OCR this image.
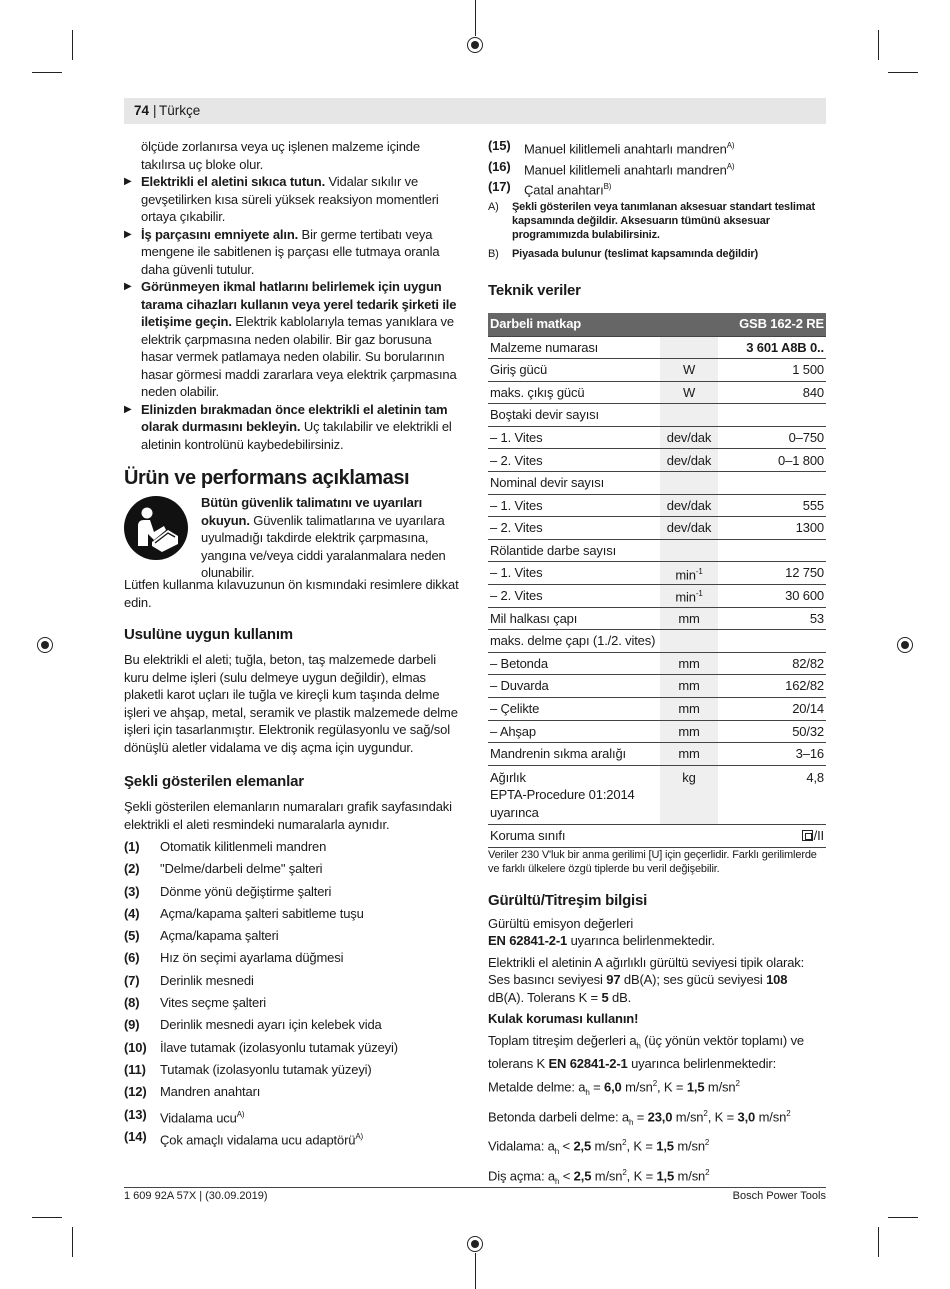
74 | Türkçe

ölçüde zorlanırsa veya uç işlenen malzeme içinde takılırsa uç bloke olur.

▶ Elektrikli el aletini sıkıca tutun. Vidalar sıkılır ve gevşetilirken kısa süreli yüksek reaksiyon momentleri ortaya çıkabilir.

▶ İş parçasını emniyete alın. Bir germe tertibatı veya mengene ile sabitlenen iş parçası elle tutmaya oranla daha güvenli tutulur.

▶ Görünmeyen ikmal hatlarını belirlemek için uygun tarama cihazları kullanın veya yerel tedarik şirketi ile iletişime geçin. Elektrik kablolarıyla temas yanıklara ve elektrik çarpmasına neden olabilir. Bir gaz borusuna hasar vermek patlamaya neden olabilir. Su borularının hasar görmesi maddi zararlara veya elektrik çarpmasına neden olabilir.

▶ Elinizden bırakmadan önce elektrikli el aletinin tam olarak durmasını bekleyin. Uç takılabilir ve elektrikli el aletinin kontrolünü kaybedebilirsiniz.

Ürün ve performans açıklaması

Bütün güvenlik talimatını ve uyarıları okuyun. Güvenlik talimatlarına ve uyarılara uyulmadığı takdirde elektrik çarpmasına, yangına ve/veya ciddi yaralanmalara neden olunabilir.

Lütfen kullanma kılavuzunun ön kısmındaki resimlere dikkat edin.

Usulüne uygun kullanım

Bu elektrikli el aleti; tuğla, beton, taş malzemede darbeli kuru delme işleri (sulu delmeye uygun değildir), elmas plaketli karot uçları ile tuğla ve kireçli kum taşında delme işleri ve ahşap, metal, seramik ve plastik malzemede delme işleri için tasarlanmıştır. Elektronik regülasyonlu ve sağ/sol dönüşlü aletler vidalama ve diş açma için uygundur.

Şekli gösterilen elemanlar

Şekli gösterilen elemanların numaraları grafik sayfasındaki elektrikli el aleti resmindeki numaralarla aynıdır.

(1) Otomatik kilitlenmeli mandren
(2) "Delme/darbeli delme" şalteri
(3) Dönme yönü değiştirme şalteri
(4) Açma/kapama şalteri sabitleme tuşu
(5) Açma/kapama şalteri
(6) Hız ön seçimi ayarlama düğmesi
(7) Derinlik mesnedi
(8) Vites seçme şalteri
(9) Derinlik mesnedi ayarı için kelebek vida
(10) İlave tutamak (izolasyonlu tutamak yüzeyi)
(11) Tutamak (izolasyonlu tutamak yüzeyi)
(12) Mandren anahtarı
(13) Vidalama ucu$^{A)}$
(14) Çok amaçlı vidalama ucu adaptörü$^{A)}$
(15) Manuel kilitlemeli anahtarlı mandren$^{A)}$
(16) Manuel kilitlemeli anahtarlı mandren$^{A)}$
(17) Çatal anahtarı$^{B)}$
A) Şekli gösterilen veya tanımlanan aksesuar standart teslimat kapsamında değildir. Aksesuarın tümünü aksesuar programımızda bulabilirsiniz.
B) Piyasada bulunur (teslimat kapsamında değildir)
Teknik veriler
Darbeli matkap		GSB 162-2 RE
Malzeme numarası		3 601 A8B 0..
Giriş gücü	W	1 500
maks. çıkış gücü	W	840
Boştaki devir sayısı		
– 1. Vites	dev/dak	0–750
– 2. Vites	dev/dak	0–1 800
Nominal devir sayısı		
– 1. Vites	dev/dak	555
– 2. Vites	dev/dak	1300
Rölantide darbe sayısı		
– 1. Vites	$\min^{-1}$	12 750
– 2. Vites	$\min^{-1}$	30 600
Mil halkası çapı	mm	53
maks. delme çapı (1./2. vites)		
– Betonda	mm	82/82
– Duvarda	mm	162/82
– Çelikte	mm	20/14
– Ahşap	mm	50/32
Mandrenin sıkma aralığı	mm	3–16

Ağırlık
EPTA-Procedure 01:2014
uyarınca	kg	4,8
Koruma sınıfı		/II

Veriler 230 V'luk bir anma gerilimi [U] için geçerlidir. Farklı gerilimlerde ve farklı ülkelere özgü tiplerde bu veril değişebilir.

Gürültü/Titreşim bilgisi

Gürültü emisyon değerleri

EN 62841-2-1 uyarınca belirlenmektedir.

Elektrikli el aletinin A ağırlıklı gürültü seviyesi tipik olarak: Ses basıncı seviyesi 97 dB(A); ses gücü seviyesi 108 dB(A). Tolerans K = 5 dB.

Kulak koruması kullanın!

Toplam titreşim değerleri $a_h$ (üç yönün vektör toplamı) ve tolerans K EN 62841-2-1 uyarınca belirlenmektedir:

Metalde delme: $a_h = 6,0$ $m/sn^2$, K = 1,5 $m/sn^2$

Betonda darbeli delme: $a_h = 23,0$ $m/sn^2$, K = 3,0 $m/sn^2$

Vidalama: $a_h < 2,5$ $m/sn^2$, K = 1,5 $m/sn^2$

Diş açma: $a_h < 2,5$ $m/sn^2$, K = 1,5 $m/sn^2$

1 609 92A 57X | (30.09.2019)	Bosch Power Tools
